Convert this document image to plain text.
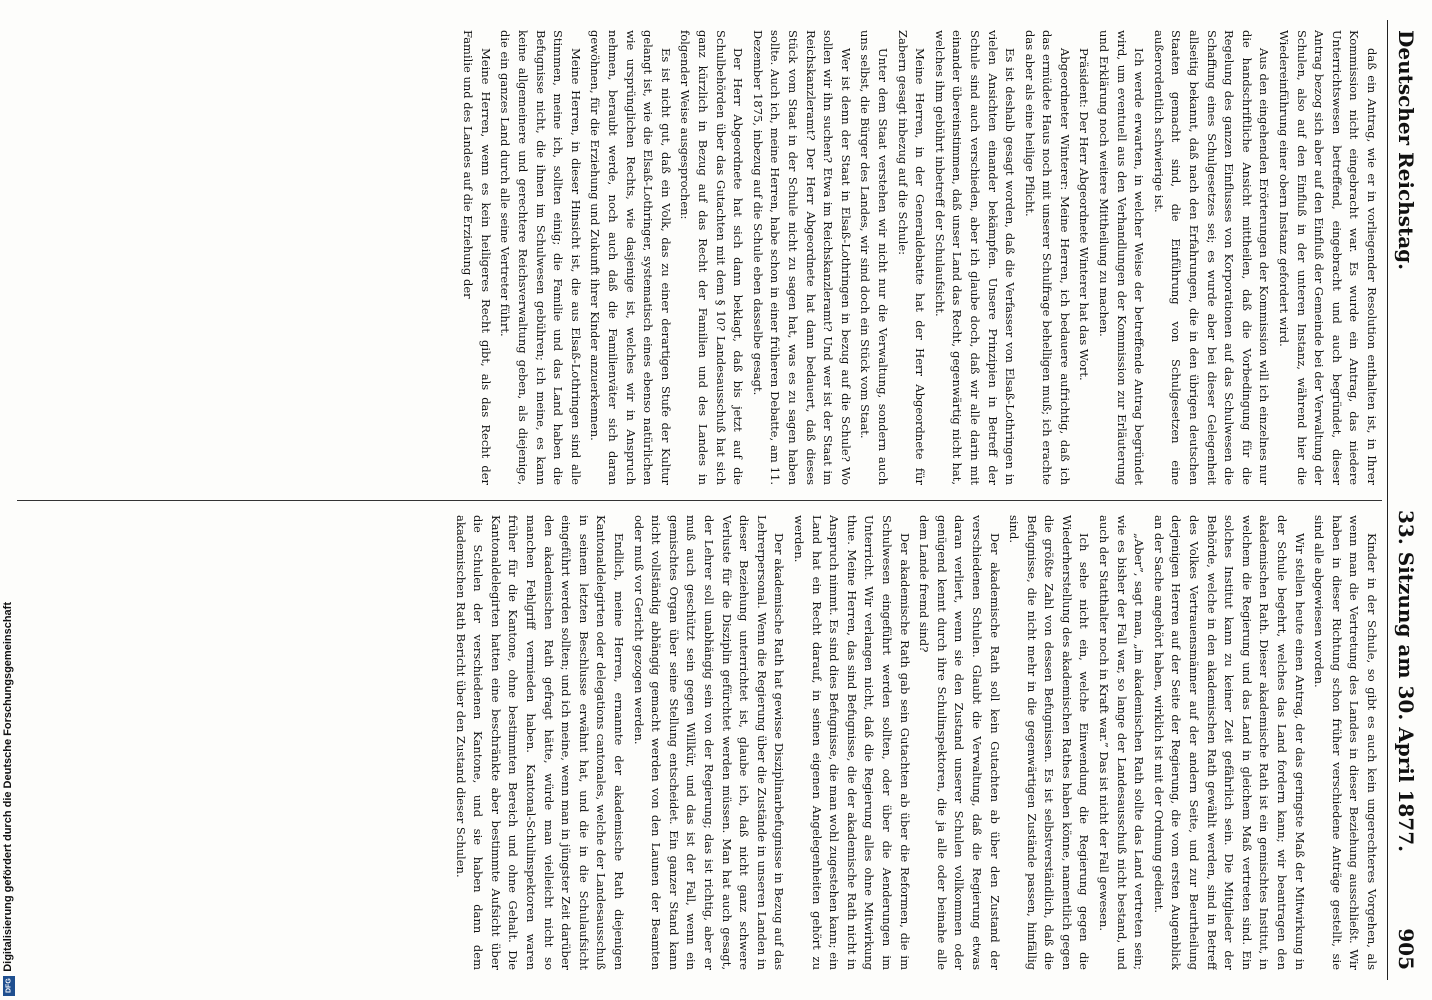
Digitalisierung gefördert durch die Deutsche Forschungsgemeinschaft
DFG
Deutscher Reichstag.
33. Sitzung am 30. April 1877.
905

daß ein Antrag, wie er in vorliegender Resolution enthalten ist, in Ihrer Kommission nicht eingebracht war. Es wurde ein Antrag, das niedere Unterrichtswesen betreffend, eingebracht und auch begründet, dieser Antrag bezog sich aber auf den Einfluß der Gemeinde bei der Verwaltung der Schulen, also auf den Einfluß in der unteren Instanz, während hier die Wiedereinführung einer obern Instanz gefordert wird.

Aus den eingehenden Erörterungen der Kommission will ich einzelnes nur die handschriftliche Ansicht mittheilen, daß die Vorbedingung für die Regelung des ganzen Einflusses von Korporationen auf das Schulwesen die Schaffung eines Schulgesetzes sei; es wurde aber bei dieser Gelegenheit allseitig bekannt, daß nach den Erfahrungen, die in den übrigen deutschen Staaten gemacht sind, die Einführung von Schulgesetzen eine außerordentlich schwierige ist.

Ich werde erwarten, in welcher Weise der betreffende Antrag begründet wird, um eventuell aus den Verhandlungen der Kommission zur Erläuterung und Erklärung noch weitere Mittheilung zu machen.

Präsident: Der Herr Abgeordnete Winterer hat das Wort.

Abgeordneter Winterer: Meine Herren, ich bedauere aufrichtig, daß ich das ermüdete Haus noch mit unserer Schulfrage behelligen muß; ich erachte das aber als eine heilige Pflicht.

Es ist deshalb gesagt worden, daß die Verfasser von Elsaß-Lothringen in vielen Ansichten einander bekämpfen. Unsere Prinzipien in Betreff der Schule sind auch verschieden, aber ich glaube doch, daß wir alle darin mit einander übereinstimmen, daß unser Land das Recht, gegenwärtig nicht hat, welches ihm gebührt inbetreff der Schulaufsicht.

Meine Herren, in der Generaldebatte hat der Herr Abgeordnete für Zabern gesagt inbezug auf die Schule:

Unter dem Staat verstehen wir nicht nur die Verwaltung, sondern auch uns selbst, die Bürger des Landes, wir sind doch ein Stück vom Staat.

Wer ist denn der Staat in Elsaß-Lothringen in bezug auf die Schule? Wo sollen wir ihn suchen? Etwa im Reichskanzleramt? Und wer ist der Staat im Reichskanzleramt? Der Herr Abgeordnete hat dann bedauert, daß dieses Stück vom Staat in der Schule nicht zu sagen hat, was es zu sagen haben sollte. Auch ich, meine Herren, habe schon in einer früheren Debatte, am 11. Dezember 1875, inbezug auf die Schule eben dasselbe gesagt.

Der Herr Abgeordnete hat sich dann beklagt, daß bis jetzt auf die Schulbehörden über das Gutachten mit dem § 10? Landesausschuß hat sich ganz kürzlich in Bezug auf das Recht der Familien und des Landes in folgender Weise ausgesprochen:

Es ist nicht gut, daß ein Volk, das zu einer derartigen Stufe der Kultur gelangt ist, wie die Elsaß-Lothringer, systematisch eines ebenso natürlichen wie ursprünglichen Rechts, wie dasjenige ist, welches wir in Anspruch nehmen, beraubt werde, noch auch daß die Familienväter sich daran gewöhnen, für die Erziehung und Zukunft ihrer Kinder anzuerkennen.

Meine Herren, in dieser Hinsicht ist, die aus Elsaß-Lothringen sind alle Stimmen, meine ich, sollten einig; die Familie und das Land haben die Befugnisse nicht, die ihnen im Schulwesen gebühren; ich meine, es kann keine allgemeinere und gerechtere Reichsverwaltung geben, als diejenige, die ein ganzes Land durch alle seine Vertreter führt.

Meine Herren, wenn es kein heiligeres Recht gibt, als das Recht der Familie und des Landes auf die Erziehung der

Kinder in der Schule, so gibt es auch kein ungerechteres Vorgehen, als wenn man die Vertretung des Landes in dieser Beziehung ausschließt. Wir haben in dieser Richtung schon früher verschiedene Anträge gestellt, sie sind alle abgewiesen worden.

Wir stellen heute einen Antrag, der das geringste Maß der Mitwirkung in der Schule begehrt, welches das Land fordern kann; wir beantragen den akademischen Rath. Dieser akademische Rath ist ein gemischtes Institut, in welchem die Regierung und das Land in gleichem Maß vertreten sind. Ein solches Institut kann zu keiner Zeit gefährlich sein. Die Mitglieder der Behörde, welche in den akademischen Rath gewählt werden, sind in Betreff des Volkes Vertrauensmänner auf der andern Seite, und zur Beurtheilung derjenigen Herren auf der Seite der Regierung, die vom ersten Augenblick an der Sache angehört haben, wirklich ist mit der Ordnung gedient.

„Aber”, sagt man, „im akademischen Rath sollte das Land vertreten sein; wie es bisher der Fall war, so lange der Landesausschuß nicht bestand, und auch der Statthalter noch in Kraft war.” Das ist nicht der Fall gewesen.

Ich sehe nicht ein, welche Einwendung die Regierung gegen die Wiederherstellung des akademischen Rathes haben könne, namentlich gegen die größte Zahl von dessen Befugnissen. Es ist selbstverständlich, daß die Befugnisse, die nicht mehr in die gegenwärtigen Zustände passen, hinfällig sind.

Der akademische Rath soll kein Gutachten ab über den Zustand der verschiedenen Schulen. Glaubt die Verwaltung, daß die Regierung etwas daran verliert, wenn sie den Zustand unserer Schulen vollkommen oder genügend kennt durch ihre Schulinspektoren, die ja alle oder beinahe alle dem Lande fremd sind?

Der akademische Rath gab sein Gutachten ab über die Reformen, die im Schulwesen eingeführt werden sollten, oder über die Aenderungen im Unterricht. Wir verlangen nicht, daß die Regierung alles ohne Mitwirkung thue. Meine Herren, das sind Befugnisse, die der akademische Rath nicht in Anspruch nimmt. Es sind dies Befugnisse, die man wohl zugestehen kann; ein Land hat ein Recht darauf, in seinen eigenen Angelegenheiten gehört zu werden.

Der akademische Rath hat gewisse Disziplinarbefugnisse in Bezug auf das Lehrerpersonal. Wenn die Regierung über die Zustände in unseren Landen in dieser Beziehung unterrichtet ist, glaube ich, daß nicht ganz schwere Verluste für die Disziplin gefürchtet werden müssen. Man hat auch gesagt, der Lehrer soll unabhängig sein von der Regierung; das ist richtig, aber er muß auch geschützt sein gegen Willkür, und das ist der Fall, wenn ein gemischtes Organ über seine Stellung entscheidet. Ein ganzer Stand kann nicht vollständig abhängig gemacht werden von den Launen der Beamten oder muß vor Gericht gezogen werden.

Endlich, meine Herren, ernannte der akademische Rath diejenigen Kantonaldelegirten oder delegations cantonales, welche der Landesausschuß in seinem letzten Beschlusse erwähnt hat, und die in die Schulaufsicht eingeführt werden sollten; und ich meine, wenn man in jüngster Zeit darüber den akademischen Rath gefragt hätte, würde man vielleicht nicht so manchen Fehlgriff vermieden haben. Kantonal-Schulinspektoren waren früher für die Kantone, ohne bestimmten Bereich und ohne Gehalt. Die Kantonaldelegirten hatten eine beschränkte aber bestimmte Aufsicht über die Schulen der verschiedenen Kantone, und sie haben dann dem akademischen Rath Bericht über den Zustand dieser Schulen.
